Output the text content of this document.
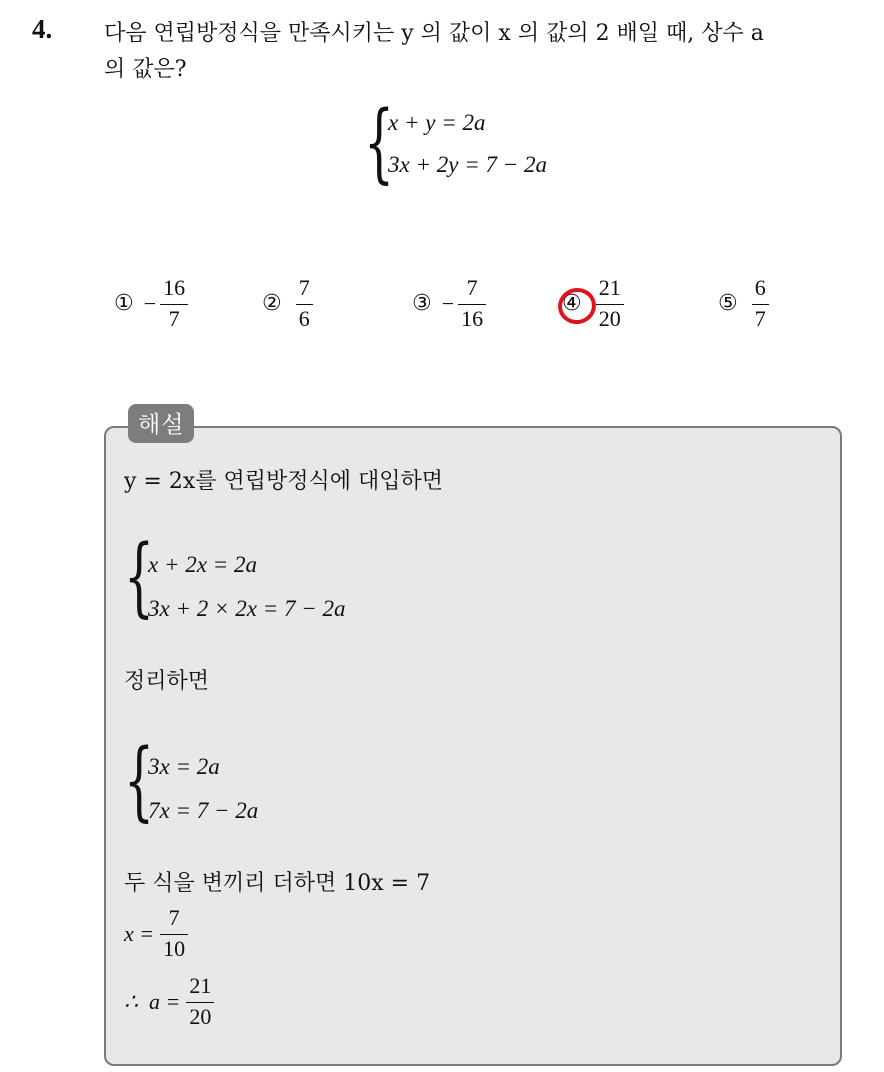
4. 다음 연립방정식을 만족시키는 y 의 값이 x 의 값의 2 배일 때, 상수 a
의 값은?
{
x + y = 2a
3x + 2y = 7 − 2a
① − $\frac{16}{7}$	② $\frac{7}{6}$	③ − $\frac{7}{16}$	④ $\frac{21}{20}$	⑤ $\frac{6}{7}$
해설
y = 2x를 연립방정식에 대입하면
{
x + 2x = 2a
3x + 2 × 2x = 7 − 2a
정리하면
{
3x = 2a
7x = 7 − 2a
두 식을 변끼리 더하면 10x = 7
$x = \frac{7}{10}$
∴  $a = \frac{21}{20}$
